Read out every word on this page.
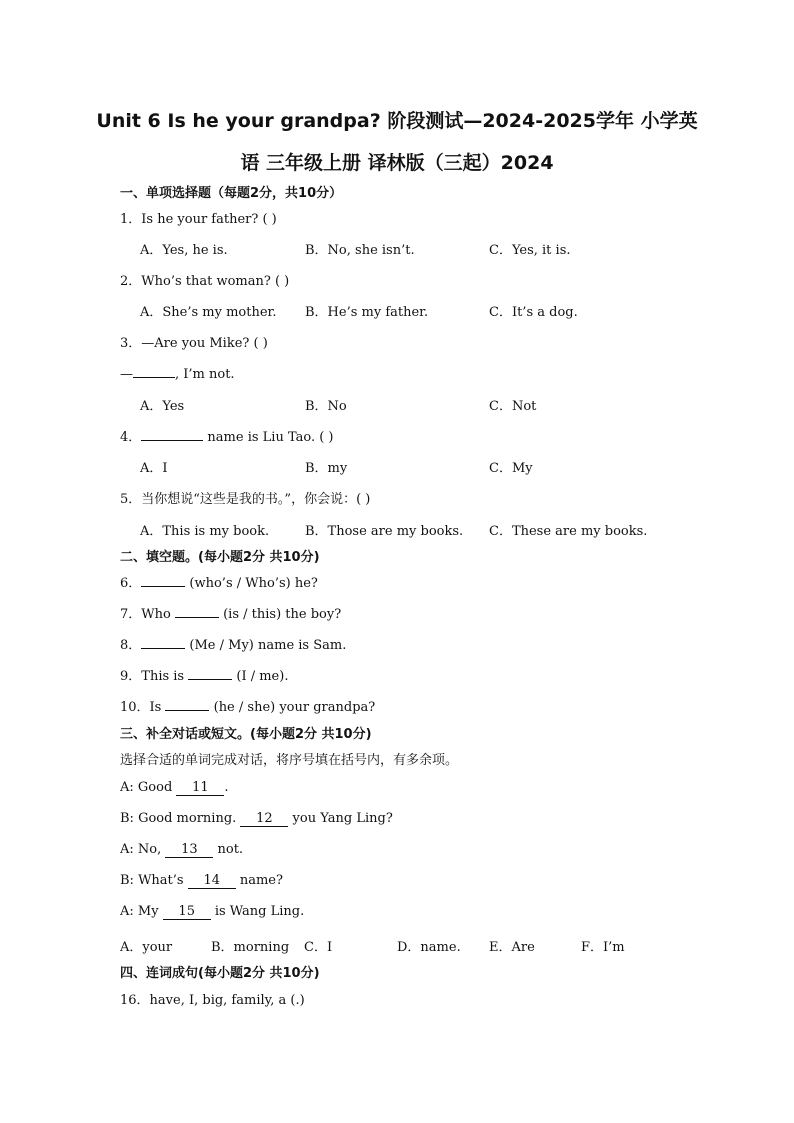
Unit 6 Is he your grandpa? 阶段测试—2024-2025学年 小学英
语 三年级上册 译林版（三起）2024
一、单项选择题（每题2分，共10分）
1．Is he your father? ( )
A．Yes, he is.	B．No, she isn’t.	C．Yes, it is.
2．Who’s that woman? ( )
A．She’s my mother. B．He’s my father.	C．It’s a dog.
3．—Are you Mike? ( )
—	, I’m not.
A．Yes	B．No	C．Not
4．	name is Liu Tao. ( )
A．I	B．my	C．My
5．当你想说“这些是我的书。”，你会说：( )
A．This is my book.	B．Those are my books. C．These are my books.
二、填空题。(每小题2分 共10分)
6．	(who’s / Who’s) he?
7．Who	(is / this) the boy?
8．	(Me / My) name is Sam.
9．This is	(I / me).
10．Is	(he / she) your grandpa?
三、补全对话或短文。(每小题2分 共10分)
选择合适的单词完成对话，将序号填在括号内，有多余项。
A: Good 11 .
B: Good morning. 12 you Yang Ling?
A: No, 13 not.
B: What’s 14 name?
A: My 15 is Wang Ling.
A．your	B．morning C．I	D．name. E．Are	F．I’m
四、连词成句(每小题2分 共10分)
16．have, I, big, family, a (.)
